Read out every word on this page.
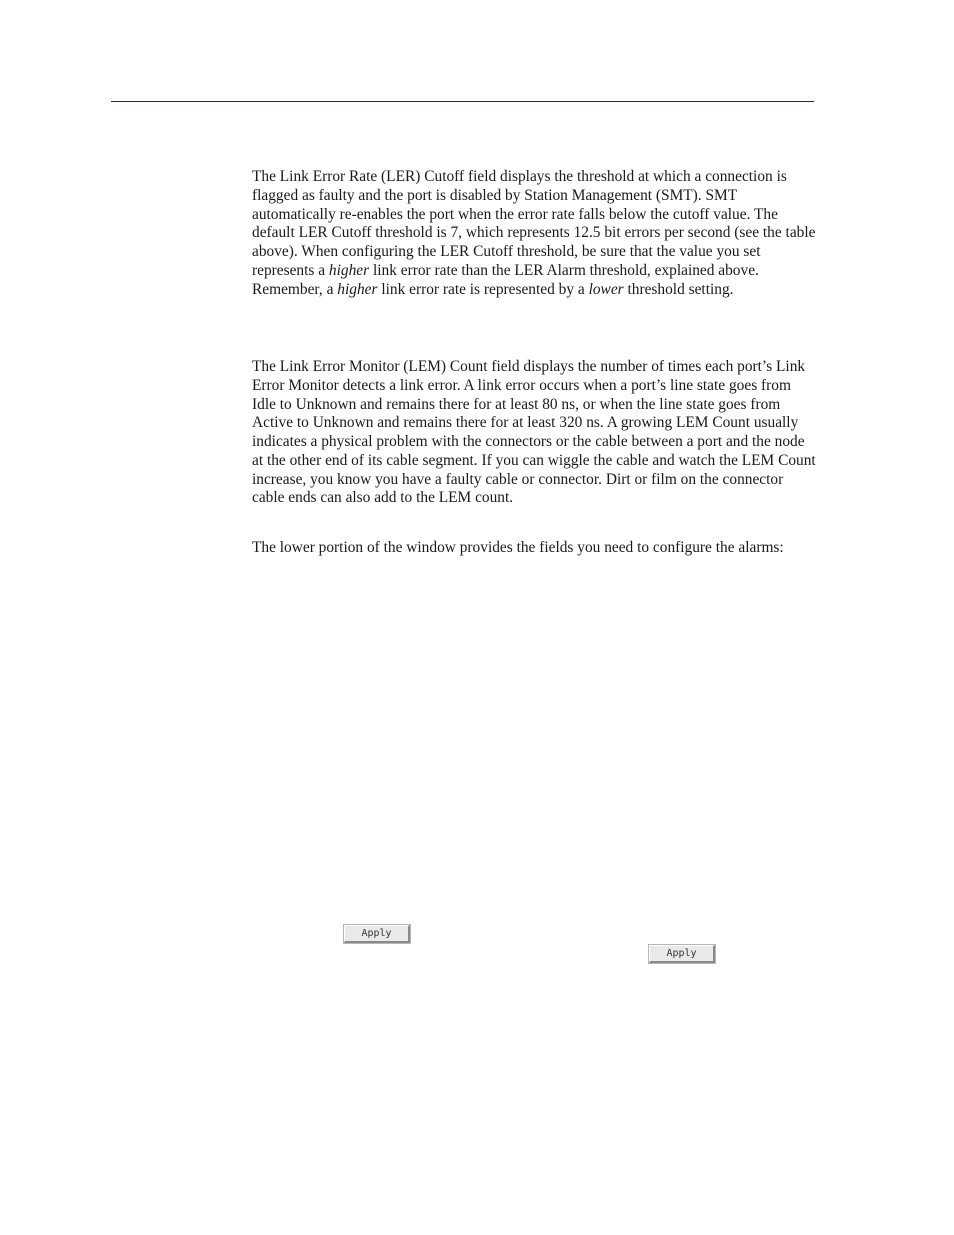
The Link Error Rate (LER) Cutoff field displays the threshold at which a connection is flagged as faulty and the port is disabled by Station Management (SMT). SMT automatically re-enables the port when the error rate falls below the cutoff value. The default LER Cutoff threshold is 7, which represents 12.5 bit errors per second (see the table above). When configuring the LER Cutoff threshold, be sure that the value you set represents a higher link error rate than the LER Alarm threshold, explained above. Remember, a higher link error rate is represented by a lower threshold setting.

The Link Error Monitor (LEM) Count field displays the number of times each port’s Link Error Monitor detects a link error. A link error occurs when a port’s line state goes from Idle to Unknown and remains there for at least 80 ns, or when the line state goes from Active to Unknown and remains there for at least 320 ns. A growing LEM Count usually indicates a physical problem with the connectors or the cable between a port and the node at the other end of its cable segment. If you can wiggle the cable and watch the LEM Count increase, you know you have a faulty cable or connector. Dirt or film on the connector cable ends can also add to the LEM count.

The lower portion of the window provides the fields you need to configure the alarms:

Apply
Apply
